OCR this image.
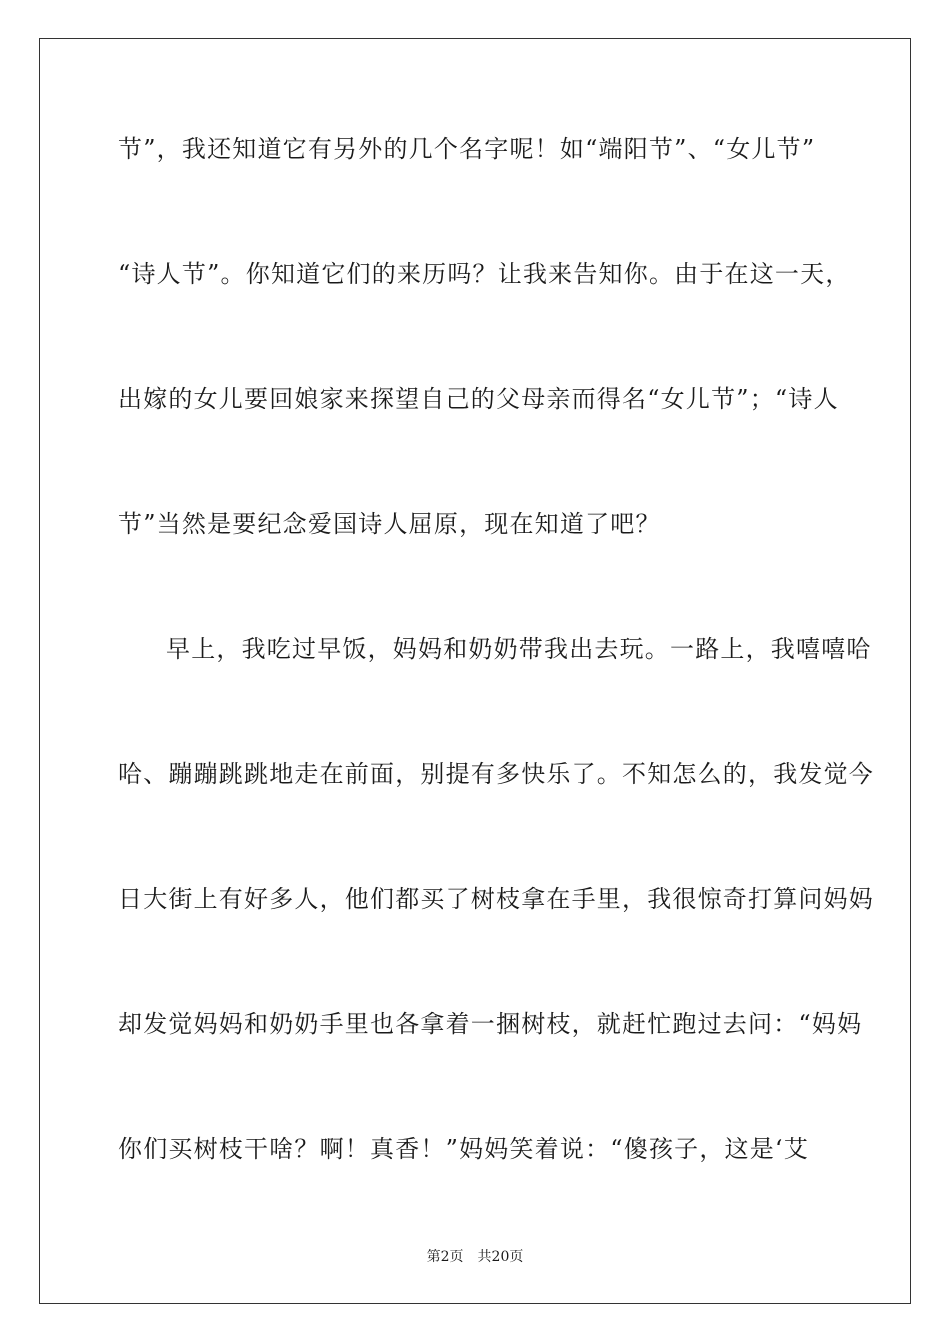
节”，我还知道它有另外的几个名字呢！如“端阳节”、“女儿节”
“诗人节”。你知道它们的来历吗？让我来告知你。由于在这一天，
出嫁的女儿要回娘家来探望自己的父母亲而得名“女儿节”；“诗人
节”当然是要纪念爱国诗人屈原，现在知道了吧？
早上，我吃过早饭，妈妈和奶奶带我出去玩。一路上，我嘻嘻哈
哈、蹦蹦跳跳地走在前面，别提有多快乐了。不知怎么的，我发觉今
日大街上有好多人，他们都买了树枝拿在手里，我很惊奇打算问妈妈
却发觉妈妈和奶奶手里也各拿着一捆树枝，就赶忙跑过去问：“妈妈
你们买树枝干啥？啊！真香！”妈妈笑着说：“傻孩子，这是‘艾
第2页 共20页
